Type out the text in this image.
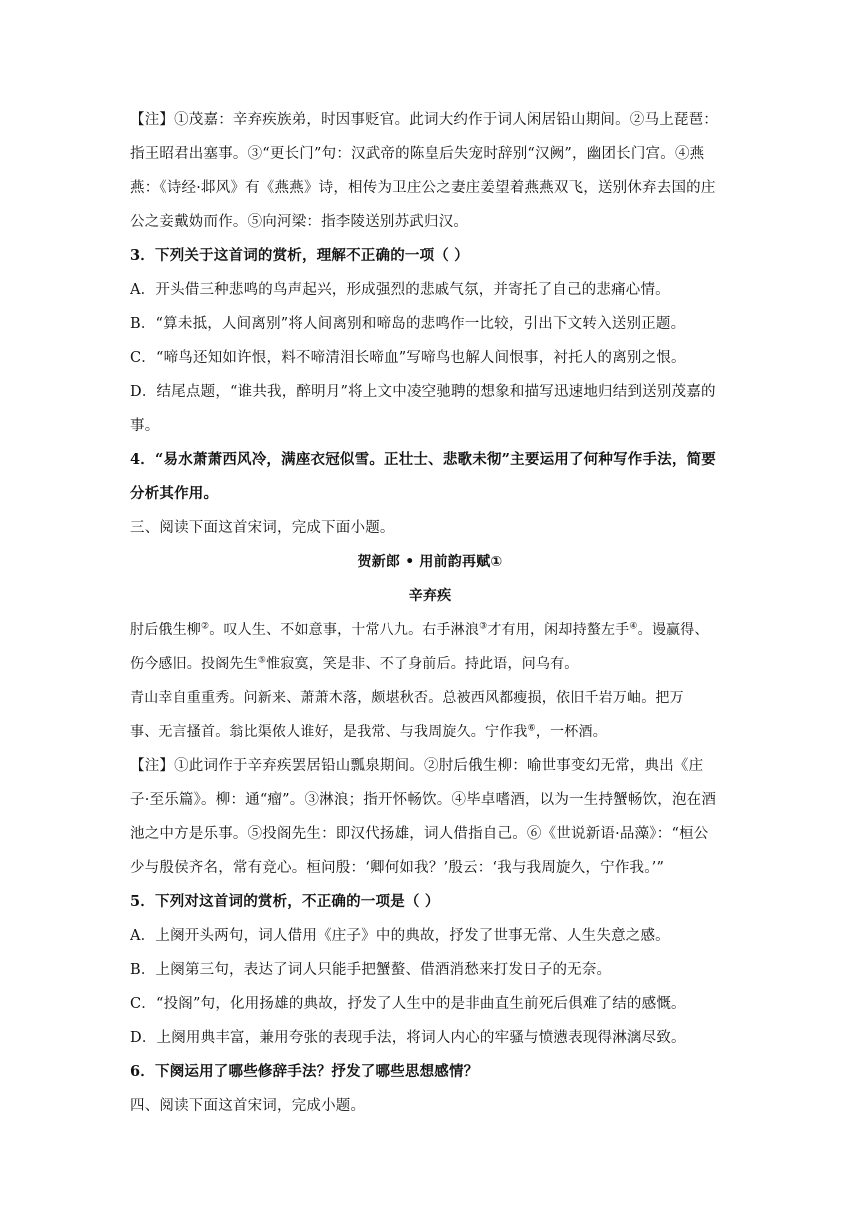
【注】①茂嘉：辛弃疾族弟，时因事贬官。此词大约作于词人闲居铅山期间。②马上琵琶：
指王昭君出塞事。③“更长门”句：汉武帝的陈皇后失宠时辞别“汉阙”，幽团长门宫。④燕
燕：《诗经·邶风》有《燕燕》诗，相传为卫庄公之妻庄姜望着燕燕双飞，送别休弃去国的庄
公之妾戴妫而作。⑤向河梁：指李陵送别苏武归汉。
3．下列关于这首词的赏析，理解不正确的一项（ ）
A．开头借三种悲鸣的鸟声起兴，形成强烈的悲戚气氛，并寄托了自己的悲痛心情。
B．“算未抵，人间离别”将人间离别和啼岛的悲鸣作一比较，引出下文转入送别正题。
C．“啼鸟还知如许恨，料不啼清泪长啼血”写啼鸟也解人间恨事，衬托人的离别之恨。
D．结尾点题，“谁共我，醉明月”将上文中凌空驰聘的想象和描写迅速地归结到送别茂嘉的
事。
4．“易水萧萧西风冷，满座衣冠似雪。正壮士、悲歌未彻”主要运用了何种写作手法，简要
分析其作用。
三、阅读下面这首宋词，完成下面小题。
贺新郎 • 用前韵再赋①
辛弃疾
肘后俄生柳②。叹人生、不如意事，十常八九。右手淋浪③才有用，闲却持螯左手④。谩赢得、
伤今感旧。投阁先生⑤惟寂寞，笑是非、不了身前后。持此语，问乌有。
青山幸自重重秀。问新来、萧萧木落，颇堪秋否。总被西风都瘦损，依旧千岩万岫。把万
事、无言搔首。翁比渠侬人谁好，是我常、与我周旋久。宁作我⑥，一杯酒。
【注】①此词作于辛弃疾罢居铅山瓢泉期间。②肘后俄生柳：喻世事变幻无常，典出《庄
子·至乐篇》。柳：通“瘤”。③淋浪；指开怀畅饮。④毕卓嗜酒，以为一生持蟹畅饮，泡在酒
池之中方是乐事。⑤投阁先生：即汉代扬雄，词人借指自己。⑥《世说新语·品藻》：“桓公
少与殷侯齐名，常有竞心。桓问殷：‘卿何如我？’殷云：‘我与我周旋久，宁作我。’”
5．下列对这首词的赏析，不正确的一项是（ ）
A．上阕开头两句，词人借用《庄子》中的典故，抒发了世事无常、人生失意之感。
B．上阕第三句，表达了词人只能手把蟹螯、借酒消愁来打发日子的无奈。
C．“投阁”句，化用扬雄的典故，抒发了人生中的是非曲直生前死后俱难了结的感慨。
D．上阕用典丰富，兼用夸张的表现手法，将词人内心的牢骚与愤懑表现得淋漓尽致。
6．下阕运用了哪些修辞手法？抒发了哪些思想感情？
四、阅读下面这首宋词，完成小题。
